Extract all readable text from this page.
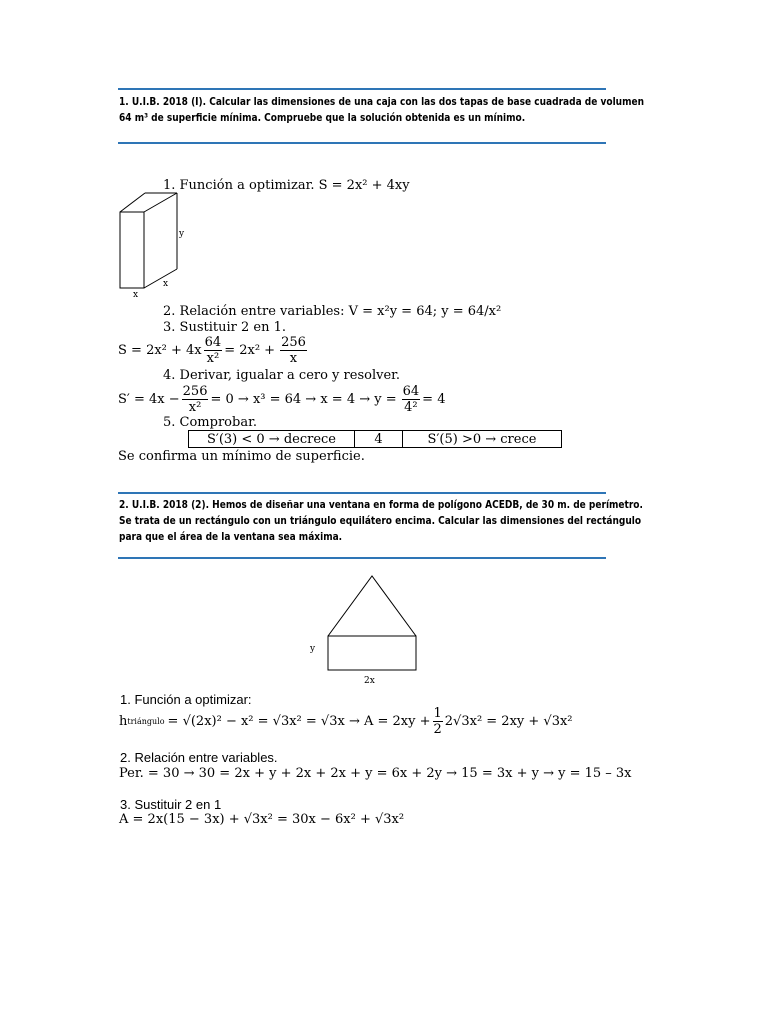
1. U.I.B. 2018 (I). Calcular las dimensiones de una caja con las dos tapas de base cuadrada de volumen
64 m³ de superficie mínima. Compruebe que la solución obtenida es un mínimo.
y
x
x
1. Función a optimizar. S = 2x² + 4xy
2. Relación entre variables: V = x²y = 64; y = 64/x²
3. Sustituir 2 en 1.
$S = 2x^2 + 4x \frac{64}{\text{x²}} = 2x^2 + \frac{256}{x}$
4. Derivar, igualar a cero y resolver.
$S' = 4x - \frac{256}{\text{x²}} = 0 \to x^3 = 64 \to x = 4 \to y = \frac{64}{\text{4²}} = 4$
5. Comprobar.
S′(3) < 0 → decrece	4	S′(5) >0 → crece
Se confirma un mínimo de superficie.
2. U.I.B. 2018 (2). Hemos de diseñar una ventana en forma de polígono ACEDB, de 30 m. de perímetro.
Se trata de un rectángulo con un triángulo equilátero encima. Calcular las dimensiones del rectángulo
para que el área de la ventana sea máxima.
y
2x
1. Función a optimizar:
h triángulo = $√(2x)^2 - x^2 = √3x^2 = √3x \to A = 2xy + \frac{1}{2} 2√3x^2 = 2xy + √3x^2$
2. Relación entre variables.
Per. = 30 → 30 = 2x + y + 2x + 2x + y = 6x + 2y → 15 = 3x + y → y = 15 – 3x
3. Sustituir 2 en 1
A = 2x(15 − 3x) + √3x² = 30x − 6x² + √3x²
